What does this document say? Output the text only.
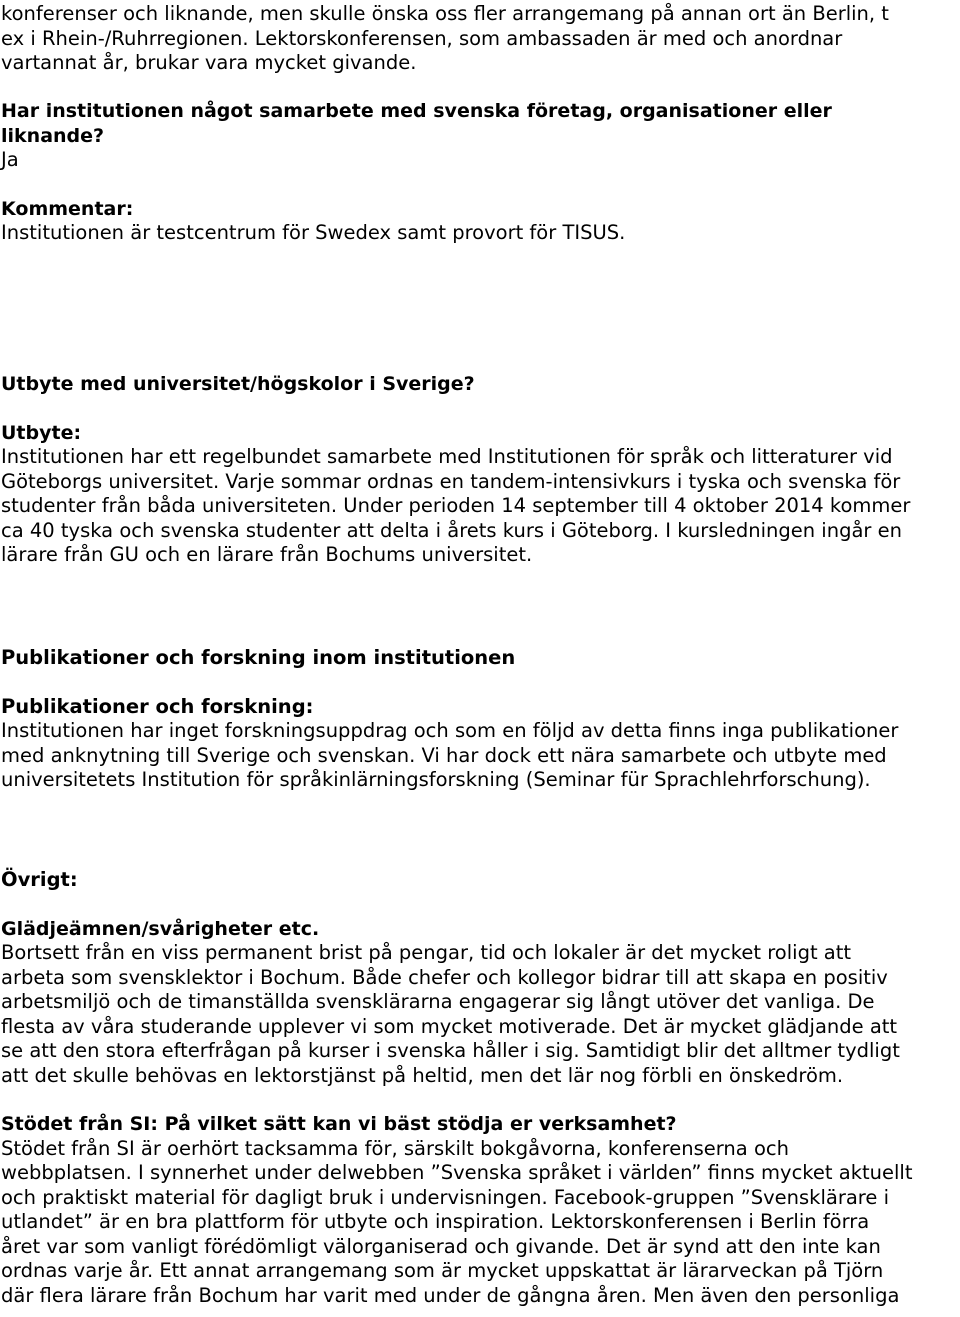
konferenser och liknande, men skulle önska oss fler arrangemang på annan ort än Berlin, t

ex i Rhein-/Ruhrregionen. Lektorskonferensen, som ambassaden är med och anordnar

vartannat år, brukar vara mycket givande.

Har institutionen något samarbete med svenska företag, organisationer eller

liknande?

Ja

Kommentar:

Institutionen är testcentrum för Swedex samt provort för TISUS.

Utbyte med universitet/högskolor i Sverige?

Utbyte:

Institutionen har ett regelbundet samarbete med Institutionen för språk och litteraturer vid

Göteborgs universitet. Varje sommar ordnas en tandem-intensivkurs i tyska och svenska för

studenter från båda universiteten. Under perioden 14 september till 4 oktober 2014 kommer

ca 40 tyska och svenska studenter att delta i årets kurs i Göteborg. I kursledningen ingår en

lärare från GU och en lärare från Bochums universitet.

Publikationer och forskning inom institutionen

Publikationer och forskning:

Institutionen har inget forskningsuppdrag och som en följd av detta finns inga publikationer

med anknytning till Sverige och svenskan. Vi har dock ett nära samarbete och utbyte med

universitetets Institution för språkinlärningsforskning (Seminar für Sprachlehrforschung).

Övrigt:

Glädjeämnen/svårigheter etc.

Bortsett från en viss permanent brist på pengar, tid och lokaler är det mycket roligt att

arbeta som svensklektor i Bochum. Både chefer och kollegor bidrar till att skapa en positiv

arbetsmiljö och de timanställda svensklärarna engagerar sig långt utöver det vanliga. De

flesta av våra studerande upplever vi som mycket motiverade. Det är mycket glädjande att

se att den stora efterfrågan på kurser i svenska håller i sig. Samtidigt blir det alltmer tydligt

att det skulle behövas en lektorstjänst på heltid, men det lär nog förbli en önskedröm.

Stödet från SI: På vilket sätt kan vi bäst stödja er verksamhet?

Stödet från SI är oerhört tacksamma för, särskilt bokgåvorna, konferenserna och

webbplatsen. I synnerhet under delwebben ”Svenska språket i världen” finns mycket aktuellt

och praktiskt material för dagligt bruk i undervisningen. Facebook-gruppen ”Svensklärare i

utlandet” är en bra plattform för utbyte och inspiration. Lektorskonferensen i Berlin förra

året var som vanligt förédömligt välorganiserad och givande. Det är synd att den inte kan

ordnas varje år. Ett annat arrangemang som är mycket uppskattat är lärarveckan på Tjörn

där flera lärare från Bochum har varit med under de gångna åren. Men även den personliga
